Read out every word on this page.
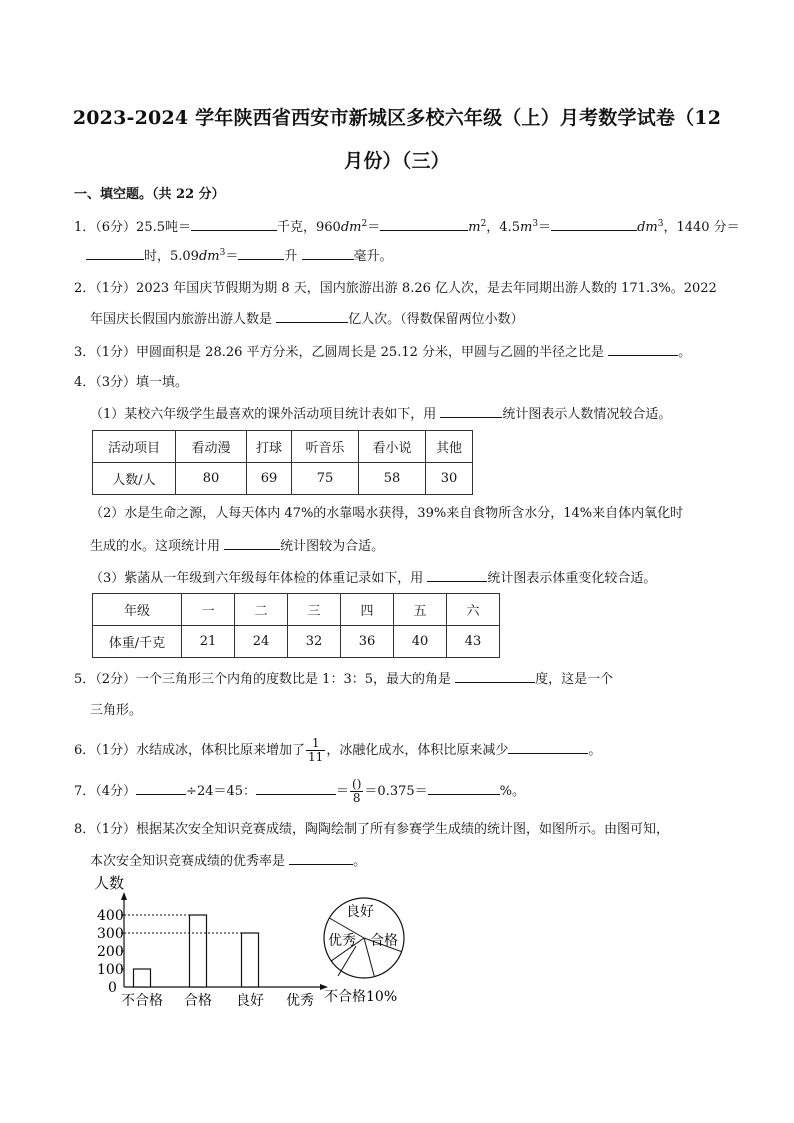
2023-2024 学年陕西省西安市新城区多校六年级（上）月考数学试卷（12
月份）（三）
一、填空题。（共 22 分）
1．（6分）25.5吨＝	千克，$960dm^2=$	$m^2$，$4.5m^3=$	$dm^3$，1440 分＝
时，$5.09dm^3=$	升	毫升。
2．（1分）2023 年国庆节假期为期 8 天，国内旅游出游 8.26 亿人次，是去年同期出游人数的 171.3%。2022
年国庆长假国内旅游出游人数是	亿人次。（得数保留两位小数）
3．（1分）甲圆面积是 28.26 平方分米，乙圆周长是 25.12 分米，甲圆与乙圆的半径之比是	。
4．（3分）填一填。
（1）某校六年级学生最喜欢的课外活动项目统计表如下，用	统计图表示人数情况较合适。
活动项目	看动漫	打球	听音乐	看小说	其他
人数/人	80	69	75	58	30
（2）水是生命之源，人每天体内 47%的水靠喝水获得，39%来自食物所含水分，14%来自体内氧化时
生成的水。这项统计用	统计图较为合适。
（3）紫菡从一年级到六年级每年体检的体重记录如下，用	统计图表示体重变化较合适。
年级	一	二	三	四	五	六
体重/千克	21	24	32	36	40	43
5．（2分）一个三角形三个内角的度数比是 1：3：5，最大的角是	度，这是一个
三角形。
6．（1分）水结成冰，体积比原来增加了 $\frac{1}{11}$ ，冰融化成水，体积比原来减少	。
7．（4分）	÷24＝45：	＝ $\frac{()}{8} =0.375=$	%。
8．（1分）根据某次安全知识竞赛成绩，陶陶绘制了所有参赛学生成绩的统计图，如图所示。由图可知，
本次安全知识竞赛成绩的优秀率是	。
人数
0
100
200
300
400
不合格 合格 良好 优秀
良好
优秀 合格
不合格10%
